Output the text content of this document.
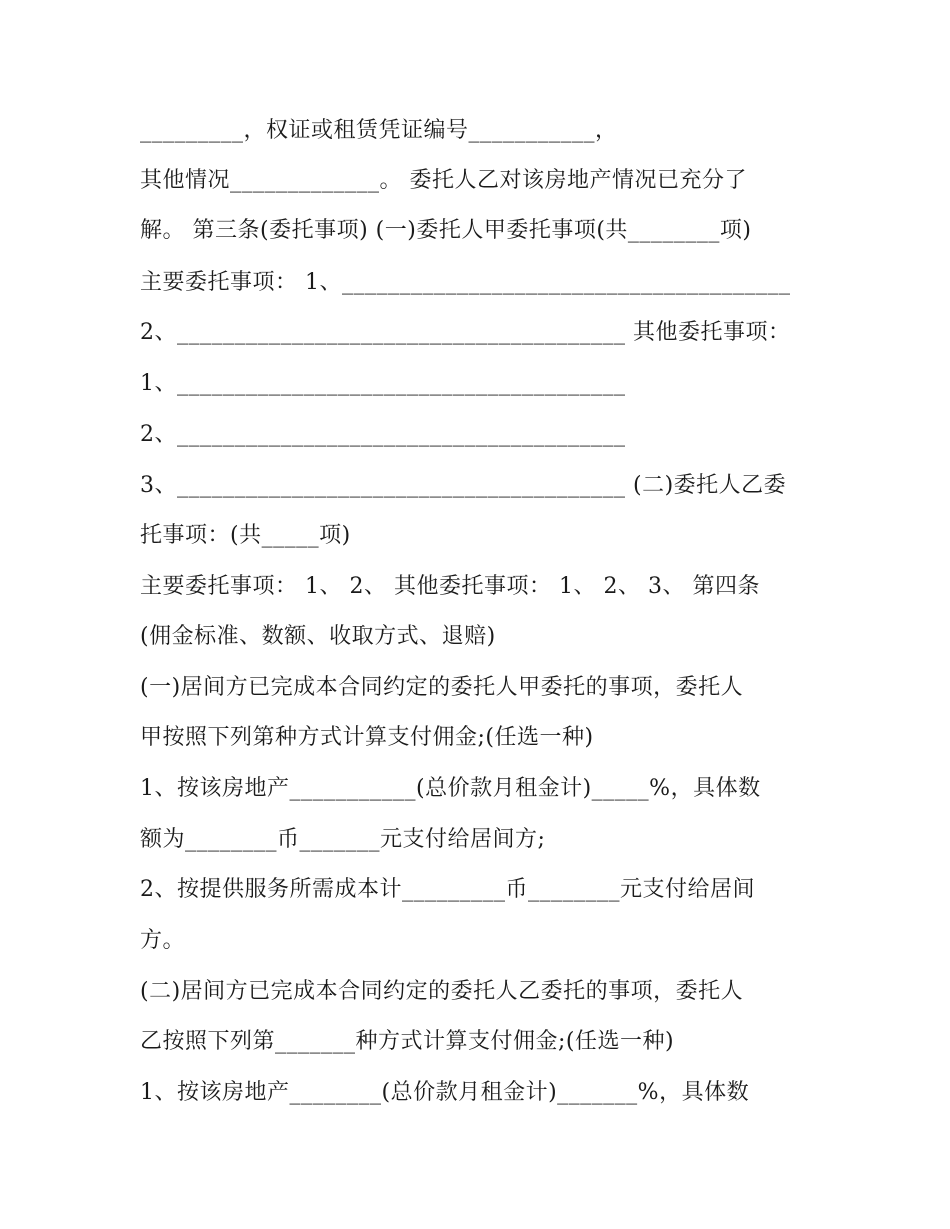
_________，权证或租赁凭证编号___________，
其他情况_____________。 委托人乙对该房地产情况已充分了
解。 第三条(委托事项) (一)委托人甲委托事项(共________项)
主要委托事项： 1、_______________________________________
2、_______________________________________ 其他委托事项：
1、_______________________________________
2、_______________________________________
3、_______________________________________ (二)委托人乙委
托事项：(共_____项)
主要委托事项： 1、 2、 其他委托事项： 1、 2、 3、 第四条
(佣金标准、数额、收取方式、退赔)
(一)居间方已完成本合同约定的委托人甲委托的事项，委托人
甲按照下列第种方式计算支付佣金;(任选一种)
1、按该房地产___________(总价款月租金计)_____%，具体数
额为________币_______元支付给居间方;
2、按提供服务所需成本计_________币________元支付给居间
方。
(二)居间方已完成本合同约定的委托人乙委托的事项，委托人
乙按照下列第_______种方式计算支付佣金;(任选一种)
1、按该房地产________(总价款月租金计)_______%，具体数
